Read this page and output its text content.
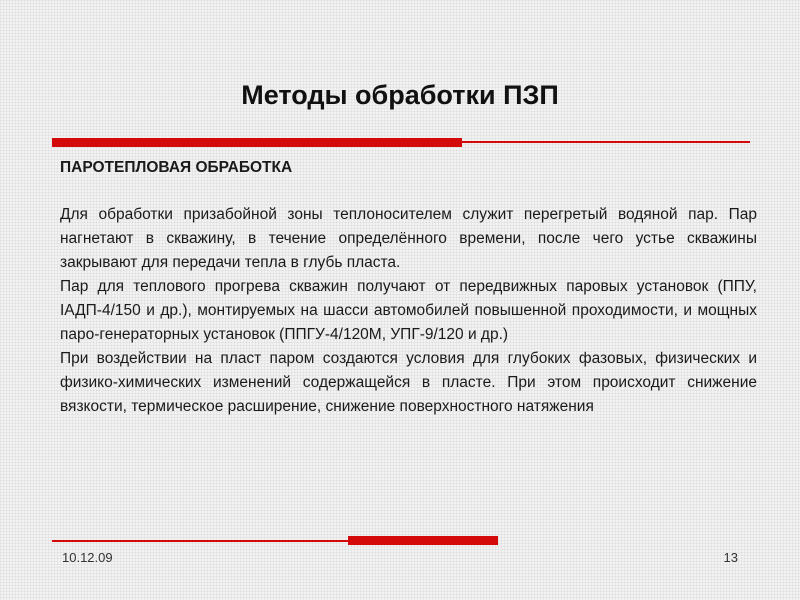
Методы обработки ПЗП

ПАРОТЕПЛОВАЯ ОБРАБОТКА

Для обработки призабойной зоны теплоносителем служит перегретый водяной пар. Пар нагнетают в скважину, в течение определённого времени, после чего устье скважины закрывают для передачи тепла в глубь пласта.

Пар для теплового прогрева скважин получают от передвижных паровых установок (ППУ, ІАДП-4/150 и др.), монтируемых на шасси автомобилей повышенной проходимости, и мощных паро-генераторных установок (ППГУ-4/120М, УПГ-9/120 и др.)

При воздействии на пласт паром создаются условия для глубоких фазовых, физических и физико-химических изменений содержащейся в пласте. При этом происходит снижение вязкости, термическое расширение, снижение поверхностного натяжения

10.12.09	13
